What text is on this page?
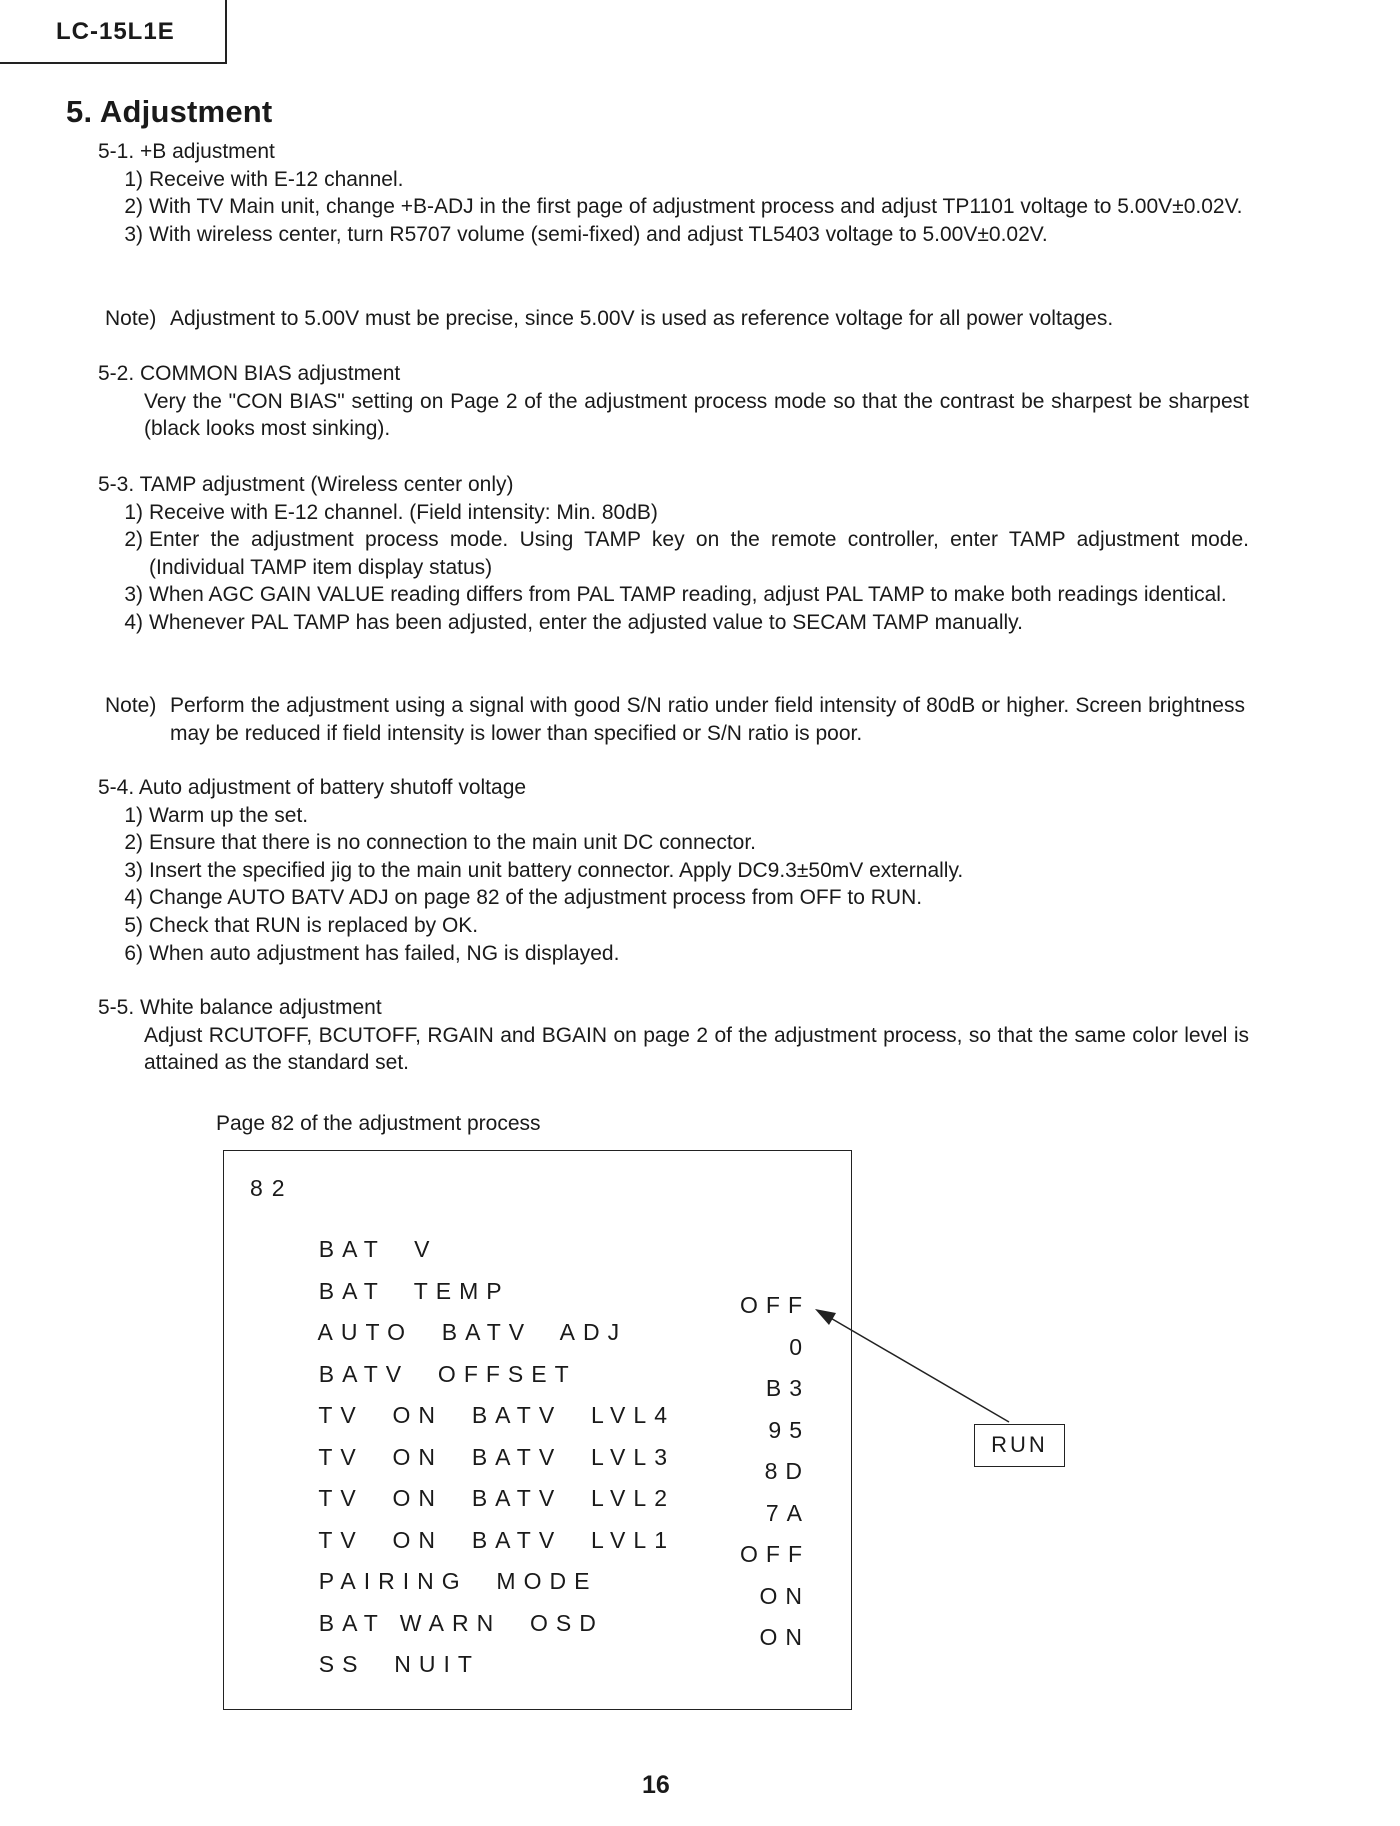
LC-15L1E
5. Adjustment
5-1. +B adjustment
1) Receive with E-12 channel.
2) With TV Main unit, change +B-ADJ in the first page of adjustment process and adjust TP1101 voltage to 5.00V±0.02V.
3) With wireless center, turn R5707 volume (semi-fixed) and adjust TL5403 voltage to 5.00V±0.02V.
Note) Adjustment to 5.00V must be precise, since 5.00V is used as reference voltage for all power voltages.
5-2. COMMON BIAS adjustment
Very the "CON BIAS" setting on Page 2 of the adjustment process mode so that the contrast be sharpest be sharpest (black looks most sinking).
5-3. TAMP adjustment (Wireless center only)
1) Receive with E-12 channel. (Field intensity: Min. 80dB)
2) Enter the adjustment process mode. Using TAMP key on the remote controller, enter TAMP adjustment mode. (Individual TAMP item display status)
3) When AGC GAIN VALUE reading differs from PAL TAMP reading, adjust PAL TAMP to make both readings identical.
4) Whenever PAL TAMP has been adjusted, enter the adjusted value to SECAM TAMP manually.
Note) Perform the adjustment using a signal with good S/N ratio under field intensity of 80dB or higher. Screen brightness may be reduced if field intensity is lower than specified or S/N ratio is poor.
5-4. Auto adjustment of battery shutoff voltage
1) Warm up the set.
2) Ensure that there is no connection to the main unit DC connector.
3) Insert the specified jig to the main unit battery connector. Apply DC9.3±50mV externally.
4) Change AUTO BATV ADJ on page 82 of the adjustment process from OFF to RUN.
5) Check that RUN is replaced by OK.
6) When auto adjustment has failed, NG is displayed.
5-5. White balance adjustment
Adjust RCUTOFF, BCUTOFF, RGAIN and BGAIN on page 2 of the adjustment process, so that the same color level is attained as the standard set.
Page 82 of the adjustment process
82

BAT  V

BAT  TEMP

AUTO  BATV  ADJ

OFF

BATV  OFFSET

0

TV  ON  BATV  LVL4

B3

TV  ON  BATV  LVL3

95

TV  ON  BATV  LVL2

8D

TV  ON  BATV  LVL1

7A

PAIRING  MODE

OFF

BAT WARN  OSD

ON

SS  NUIT

ON

RUN
16
